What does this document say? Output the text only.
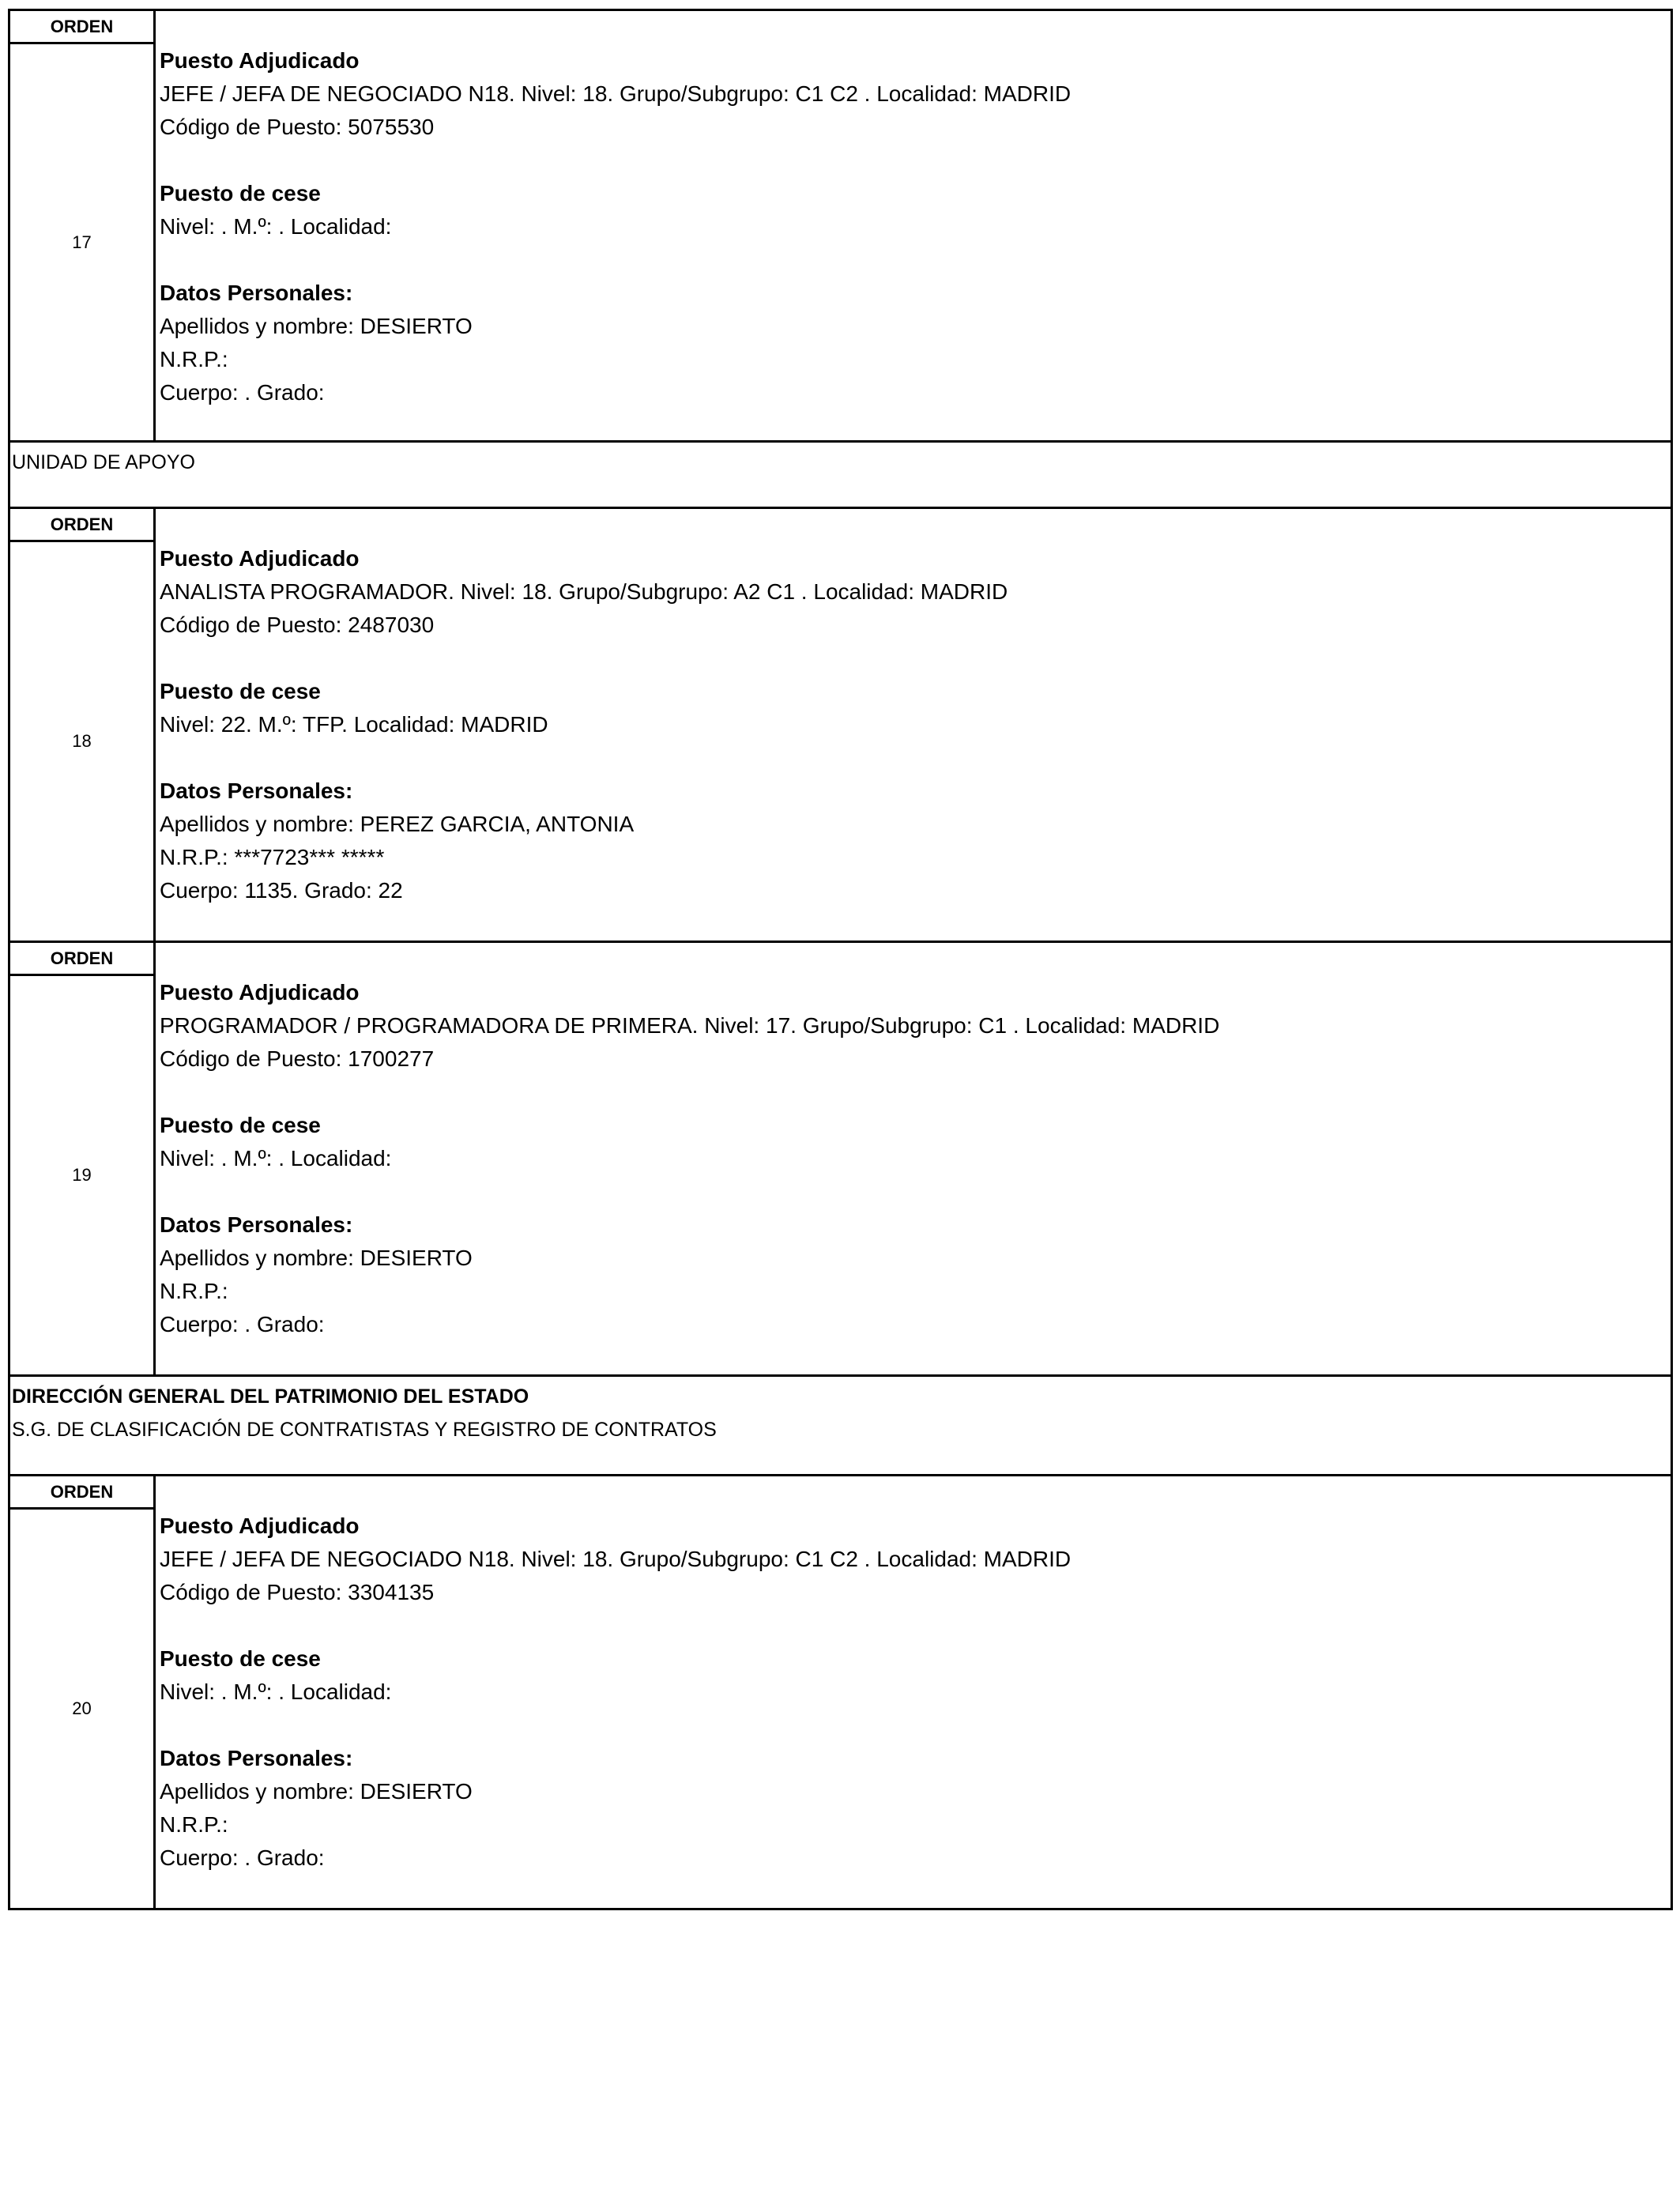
ORDEN
17
Puesto Adjudicado
JEFE / JEFA DE NEGOCIADO N18. Nivel: 18. Grupo/Subgrupo: C1 C2 . Localidad: MADRID
Código de Puesto: 5075530
Puesto de cese
Nivel: . M.º: . Localidad:
Datos Personales:
Apellidos y nombre: DESIERTO
N.R.P.:
Cuerpo: . Grado:
UNIDAD DE APOYO
ORDEN
18
Puesto Adjudicado
ANALISTA PROGRAMADOR. Nivel: 18. Grupo/Subgrupo: A2 C1 . Localidad: MADRID
Código de Puesto: 2487030
Puesto de cese
Nivel: 22. M.º: TFP. Localidad: MADRID
Datos Personales:
Apellidos y nombre: PEREZ GARCIA, ANTONIA
N.R.P.: ***7723*** *****
Cuerpo: 1135. Grado: 22
ORDEN
19
Puesto Adjudicado
PROGRAMADOR / PROGRAMADORA DE PRIMERA. Nivel: 17. Grupo/Subgrupo: C1 . Localidad: MADRID
Código de Puesto: 1700277
Puesto de cese
Nivel: . M.º: . Localidad:
Datos Personales:
Apellidos y nombre: DESIERTO
N.R.P.:
Cuerpo: . Grado:
DIRECCIÓN GENERAL DEL PATRIMONIO DEL ESTADO
S.G. DE CLASIFICACIÓN DE CONTRATISTAS Y REGISTRO DE CONTRATOS
ORDEN
20
Puesto Adjudicado
JEFE / JEFA DE NEGOCIADO N18. Nivel: 18. Grupo/Subgrupo: C1 C2 . Localidad: MADRID
Código de Puesto: 3304135
Puesto de cese
Nivel: . M.º: . Localidad:
Datos Personales:
Apellidos y nombre: DESIERTO
N.R.P.:
Cuerpo: . Grado:
